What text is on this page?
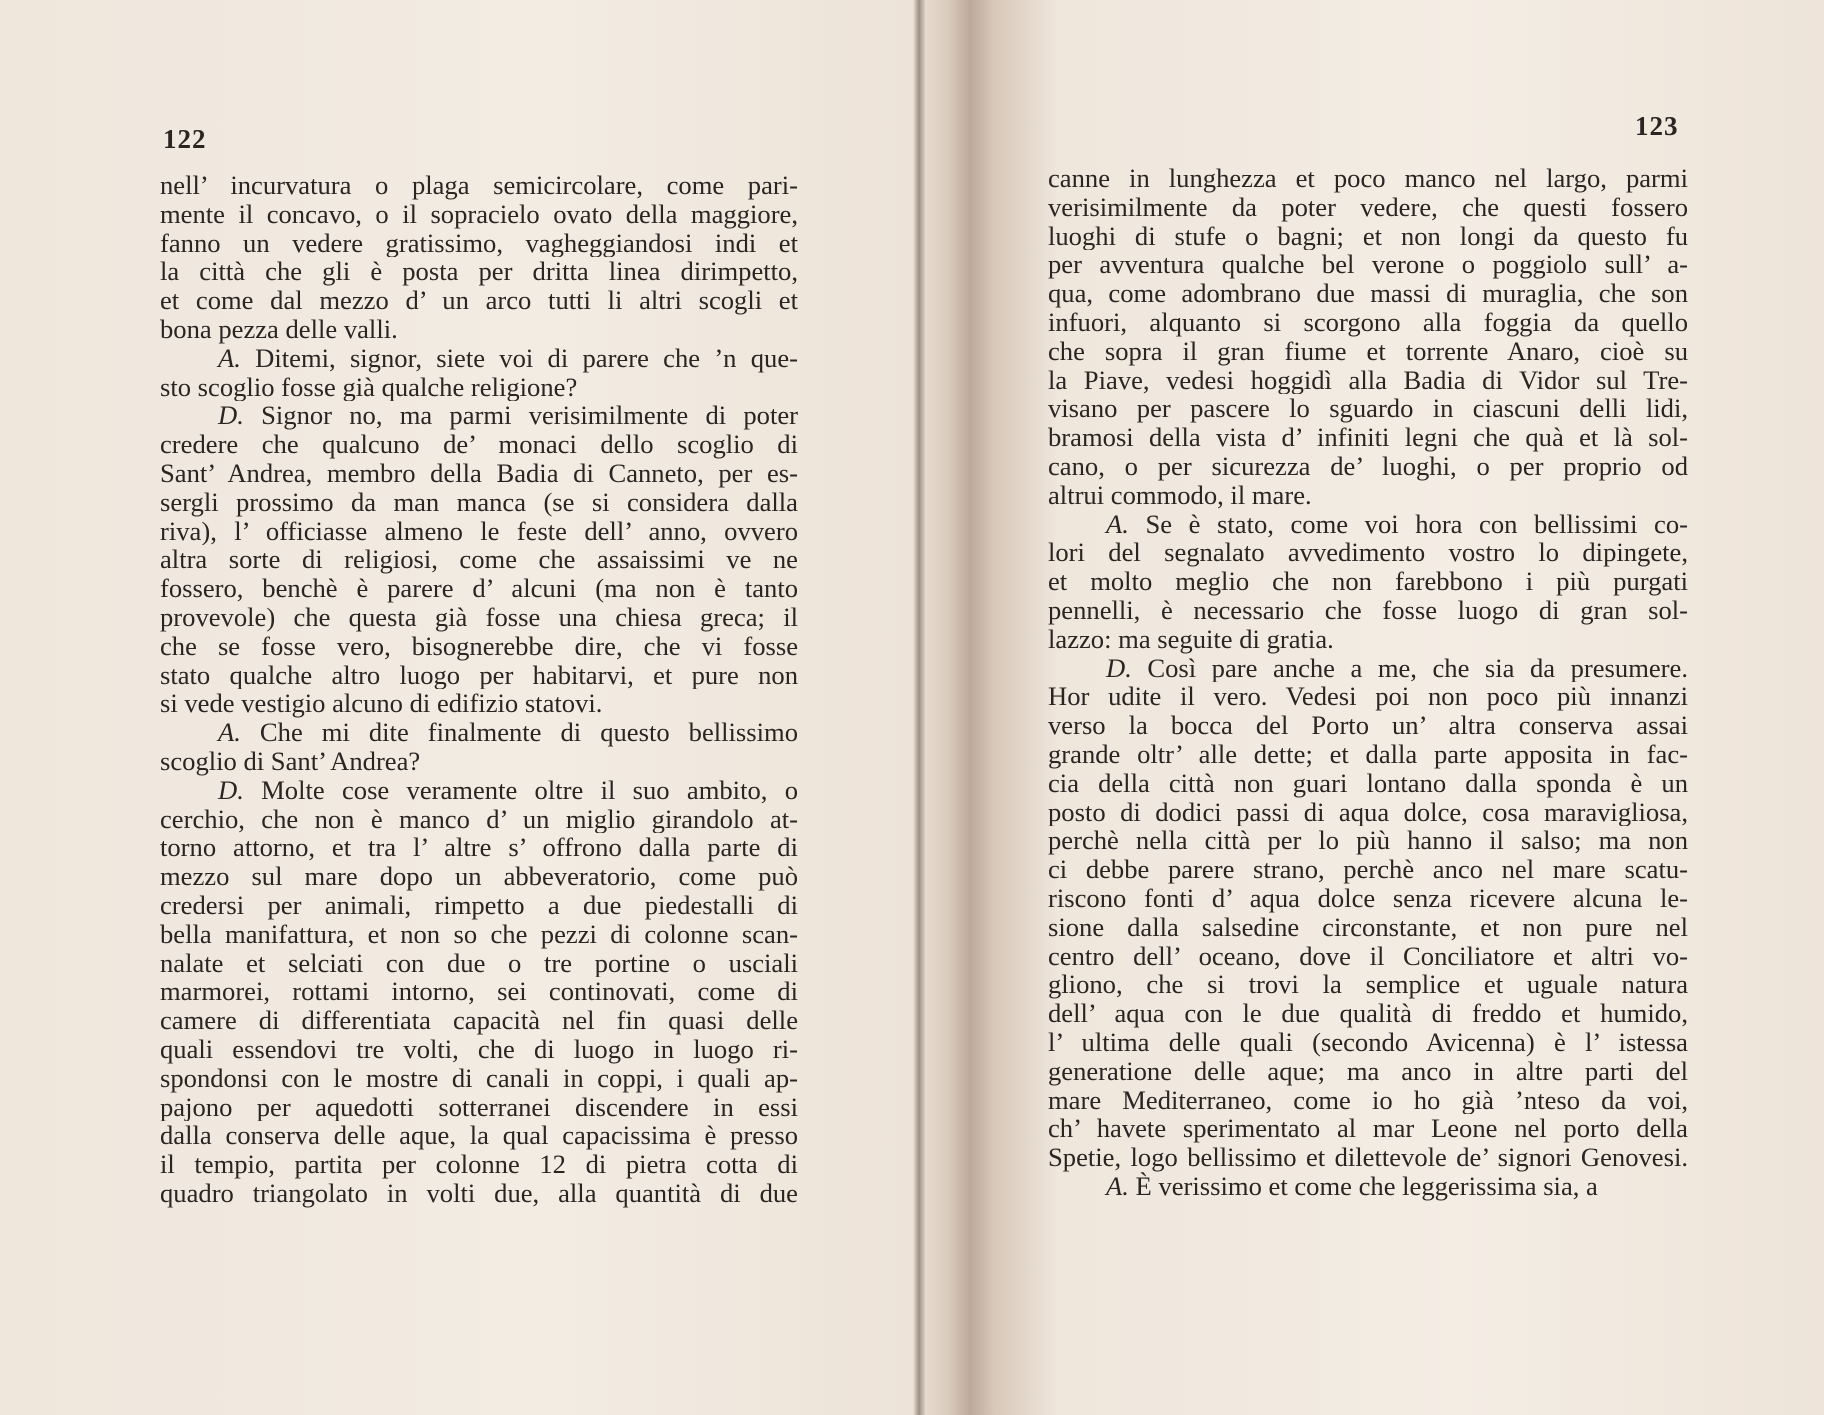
122
nell’ incurvatura o plaga semicircolare, come pari-
mente il concavo, o il sopracielo ovato della maggiore,
fanno un vedere gratissimo, vagheggiandosi indi et
la città che gli è posta per dritta linea dirimpetto,
et come dal mezzo d’ un arco tutti li altri scogli et
bona pezza delle valli.
A. Ditemi, signor, siete voi di parere che ’n que-
sto scoglio fosse già qualche religione?
D. Signor no, ma parmi verisimilmente di poter
credere che qualcuno de’ monaci dello scoglio di
Sant’ Andrea, membro della Badia di Canneto, per es-
sergli prossimo da man manca (se si considera dalla
riva), l’ officiasse almeno le feste dell’ anno, ovvero
altra sorte di religiosi, come che assaissimi ve ne
fossero, benchè è parere d’ alcuni (ma non è tanto
provevole) che questa già fosse una chiesa greca; il
che se fosse vero, bisognerebbe dire, che vi fosse
stato qualche altro luogo per habitarvi, et pure non
si vede vestigio alcuno di edifizio statovi.
A. Che mi dite finalmente di questo bellissimo
scoglio di Sant’ Andrea?
D. Molte cose veramente oltre il suo ambito, o
cerchio, che non è manco d’ un miglio girandolo at-
torno attorno, et tra l’ altre s’ offrono dalla parte di
mezzo sul mare dopo un abbeveratorio, come può
credersi per animali, rimpetto a due piedestalli di
bella manifattura, et non so che pezzi di colonne scan-
nalate et selciati con due o tre portine o usciali
marmorei, rottami intorno, sei continovati, come di
camere di differentiata capacità nel fin quasi delle
quali essendovi tre volti, che di luogo in luogo ri-
spondonsi con le mostre di canali in coppi, i quali ap-
pajono per aquedotti sotterranei discendere in essi
dalla conserva delle aque, la qual capacissima è presso
il tempio, partita per colonne 12 di pietra cotta di
quadro triangolato in volti due, alla quantità di due
123
canne in lunghezza et poco manco nel largo, parmi
verisimilmente da poter vedere, che questi fossero
luoghi di stufe o bagni; et non longi da questo fu
per avventura qualche bel verone o poggiolo sull’ a-
qua, come adombrano due massi di muraglia, che son
infuori, alquanto si scorgono alla foggia da quello
che sopra il gran fiume et torrente Anaro, cioè su
la Piave, vedesi hoggidì alla Badia di Vidor sul Tre-
visano per pascere lo sguardo in ciascuni delli lidi,
bramosi della vista d’ infiniti legni che quà et là sol-
cano, o per sicurezza de’ luoghi, o per proprio od
altrui commodo, il mare.
A. Se è stato, come voi hora con bellissimi co-
lori del segnalato avvedimento vostro lo dipingete,
et molto meglio che non farebbono i più purgati
pennelli, è necessario che fosse luogo di gran sol-
lazzo: ma seguite di gratia.
D. Così pare anche a me, che sia da presumere.
Hor udite il vero. Vedesi poi non poco più innanzi
verso la bocca del Porto un’ altra conserva assai
grande oltr’ alle dette; et dalla parte apposita in fac-
cia della città non guari lontano dalla sponda è un
posto di dodici passi di aqua dolce, cosa maravigliosa,
perchè nella città per lo più hanno il salso; ma non
ci debbe parere strano, perchè anco nel mare scatu-
riscono fonti d’ aqua dolce senza ricevere alcuna le-
sione dalla salsedine circonstante, et non pure nel
centro dell’ oceano, dove il Conciliatore et altri vo-
gliono, che si trovi la semplice et uguale natura
dell’ aqua con le due qualità di freddo et humido,
l’ ultima delle quali (secondo Avicenna) è l’ istessa
generatione delle aque; ma anco in altre parti del
mare Mediterraneo, come io ho già ’nteso da voi,
ch’ havete sperimentato al mar Leone nel porto della
Spetie, logo bellissimo et dilettevole de’ signori Genovesi.
A. È verissimo et come che leggerissima sia, a
